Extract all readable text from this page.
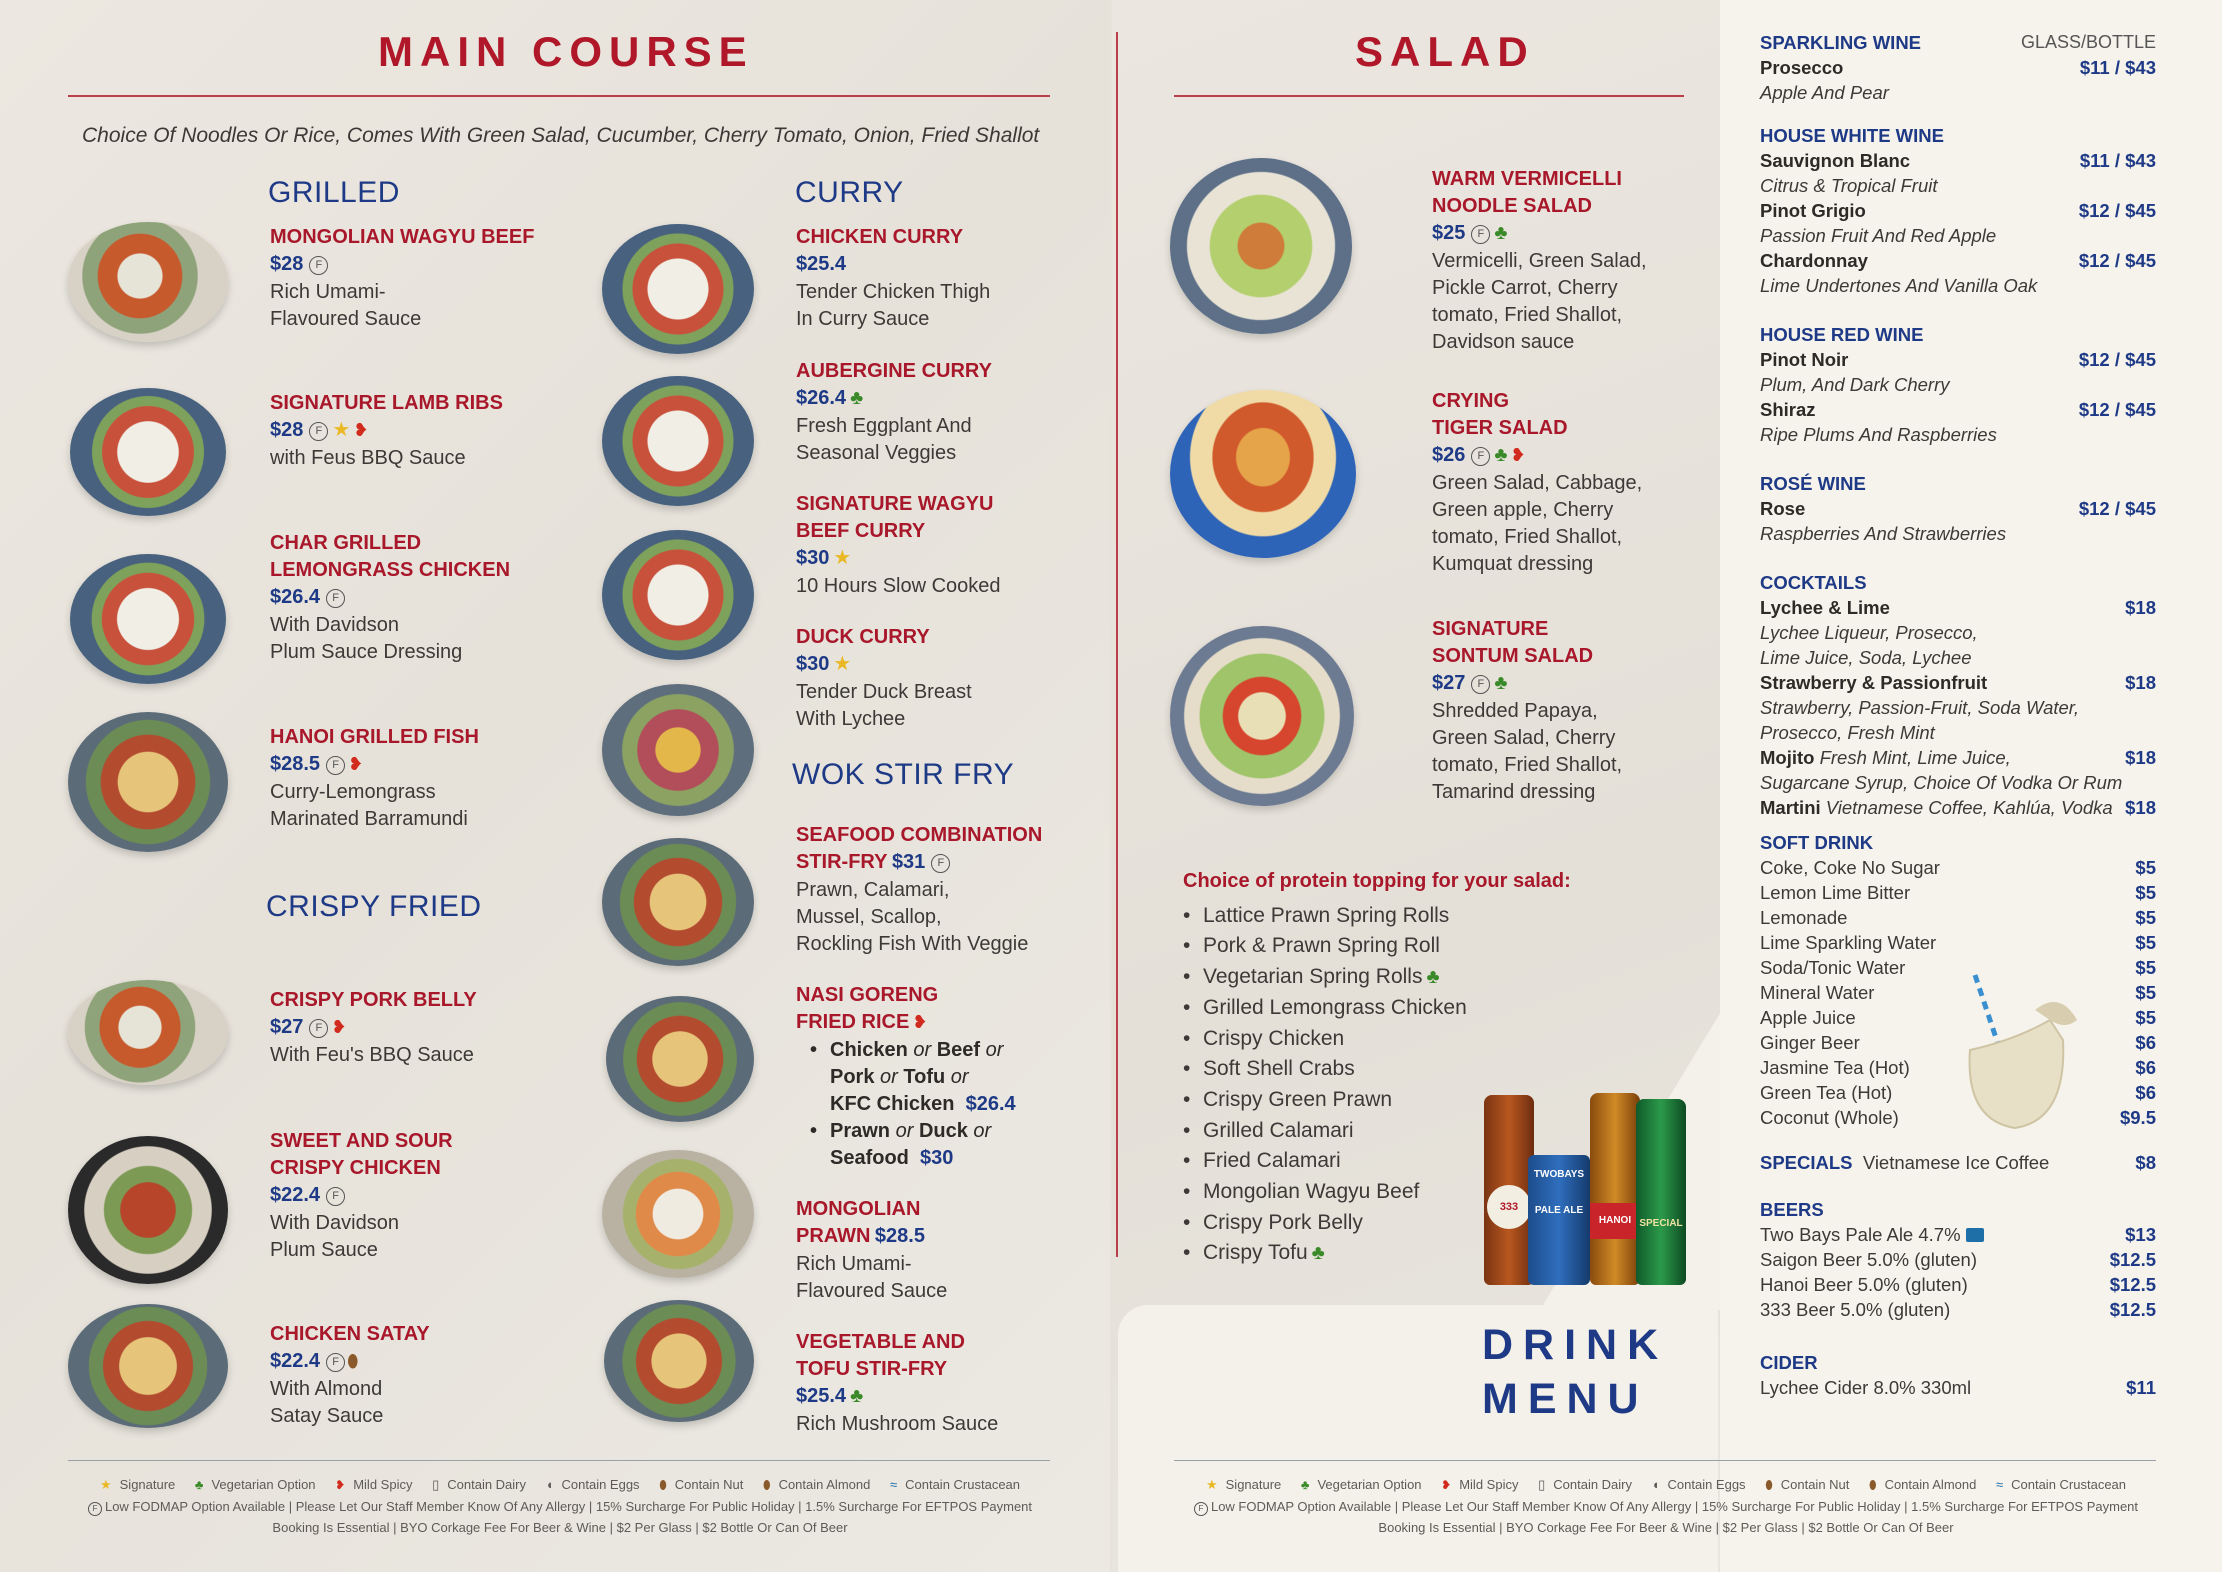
MAIN COURSE
Choice Of Noodles Or Rice, Comes With Green Salad, Cucumber, Cherry Tomato, Onion, Fried Shallot
GRILLED
MONGOLIAN WAGYU BEEF
$28 F
Rich Umami-
Flavoured Sauce
SIGNATURE LAMB RIBS
$28 F ★ ❥
with Feus BBQ Sauce
CHAR GRILLED
LEMONGRASS CHICKEN
$26.4 F
With Davidson
Plum Sauce Dressing
HANOI GRILLED FISH
$28.5 F ❥
Curry-Lemongrass
Marinated Barramundi
CRISPY FRIED
CRISPY PORK BELLY
$27 F ❥
With Feu's BBQ Sauce
SWEET AND SOUR
CRISPY CHICKEN
$22.4 F
With Davidson
Plum Sauce
CHICKEN SATAY
$22.4 F ⬮
With Almond
Satay Sauce
CURRY
CHICKEN CURRY
$25.4
Tender Chicken Thigh
In Curry Sauce
AUBERGINE CURRY
$26.4 ♣
Fresh Eggplant And
Seasonal Veggies
SIGNATURE WAGYU
BEEF CURRY
$30 ★
10 Hours Slow Cooked
DUCK CURRY
$30 ★
Tender Duck Breast
With Lychee
WOK STIR FRY
SEAFOOD COMBINATION
STIR-FRY $31 F
Prawn, Calamari,
Mussel, Scallop,
Rockling Fish With Veggie
NASI GORENG
FRIED RICE ❥
• Chicken or Beef or
Pork or Tofu or
KFC Chicken $26.4
• Prawn or Duck or
Seafood $30
MONGOLIAN
PRAWN $28.5
Rich Umami-
Flavoured Sauce
VEGETABLE AND
TOFU STIR-FRY
$25.4 ♣
Rich Mushroom Sauce
SALAD
WARM VERMICELLI
NOODLE SALAD
$25 F ♣
Vermicelli, Green Salad,
Pickle Carrot, Cherry
tomato, Fried Shallot,
Davidson sauce
CRYING
TIGER SALAD
$26 F ♣ ❥
Green Salad, Cabbage,
Green apple, Cherry
tomato, Fried Shallot,
Kumquat dressing
SIGNATURE
SONTUM SALAD
$27 F ♣
Shredded Papaya,
Green Salad, Cherry
tomato, Fried Shallot,
Tamarind dressing
Choice of protein topping for your salad:
• Lattice Prawn Spring Rolls
• Pork & Prawn Spring Roll
• Vegetarian Spring Rolls ♣
• Grilled Lemongrass Chicken
• Crispy Chicken
• Soft Shell Crabs
• Crispy Green Prawn
• Grilled Calamari
• Fried Calamari
• Mongolian Wagyu Beef
• Crispy Pork Belly
• Crispy Tofu ♣
333
TWOBAYS
PALE ALE
HANOI SPECIAL
DRINK
MENU
SPARKLING WINE	GLASS/BOTTLE
Prosecco	$11 / $43
Apple And Pear
HOUSE WHITE WINE
Sauvignon Blanc	$11 / $43
Citrus & Tropical Fruit
Pinot Grigio	$12 / $45
Passion Fruit And Red Apple
Chardonnay	$12 / $45
Lime Undertones And Vanilla Oak
HOUSE RED WINE
Pinot Noir	$12 / $45
Plum, And Dark Cherry
Shiraz	$12 / $45
Ripe Plums And Raspberries
ROSÉ WINE
Rose	$12 / $45
Raspberries And Strawberries
COCKTAILS
Lychee & Lime	$18
Lychee Liqueur, Prosecco,
Lime Juice, Soda, Lychee
Strawberry & Passionfruit	$18
Strawberry, Passion-Fruit, Soda Water,
Prosecco, Fresh Mint
Mojito Fresh Mint, Lime Juice,	$18
Sugarcane Syrup, Choice Of Vodka Or Rum
Martini Vietnamese Coffee, Kahlúa, Vodka $18
SOFT DRINK
Coke, Coke No Sugar	$5
Lemon Lime Bitter	$5
Lemonade	$5
Lime Sparkling Water	$5
Soda/Tonic Water	$5
Mineral Water	$5
Apple Juice	$5
Ginger Beer	$6
Jasmine Tea (Hot)	$6
Green Tea (Hot)	$6
Coconut (Whole)	$9.5
SPECIALS Vietnamese Ice Coffee	$8
BEERS
Two Bays Pale Ale 4.7%	$13
Saigon Beer 5.0% (gluten)	$12.5
Hanoi Beer 5.0% (gluten)	$12.5
333 Beer 5.0% (gluten)	$12.5
CIDER
Lychee Cider 8.0% 330ml	$11
★ Signature ♣ Vegetarian Option ❥ Mild Spicy ▯ Contain Dairy ◖ Contain Eggs ⬮ Contain Nut ⬮ Contain Almond ≈ Contain Crustacean
F Low FODMAP Option Available | Please Let Our Staff Member Know Of Any Allergy | 15% Surcharge For Public Holiday | 1.5% Surcharge For EFTPOS Payment
Booking Is Essential | BYO Corkage Fee For Beer & Wine | $2 Per Glass | $2 Bottle Or Can Of Beer
★ Signature ♣ Vegetarian Option ❥ Mild Spicy ▯ Contain Dairy ◖ Contain Eggs ⬮ Contain Nut ⬮ Contain Almond ≈ Contain Crustacean
F Low FODMAP Option Available | Please Let Our Staff Member Know Of Any Allergy | 15% Surcharge For Public Holiday | 1.5% Surcharge For EFTPOS Payment
Booking Is Essential | BYO Corkage Fee For Beer & Wine | $2 Per Glass | $2 Bottle Or Can Of Beer
